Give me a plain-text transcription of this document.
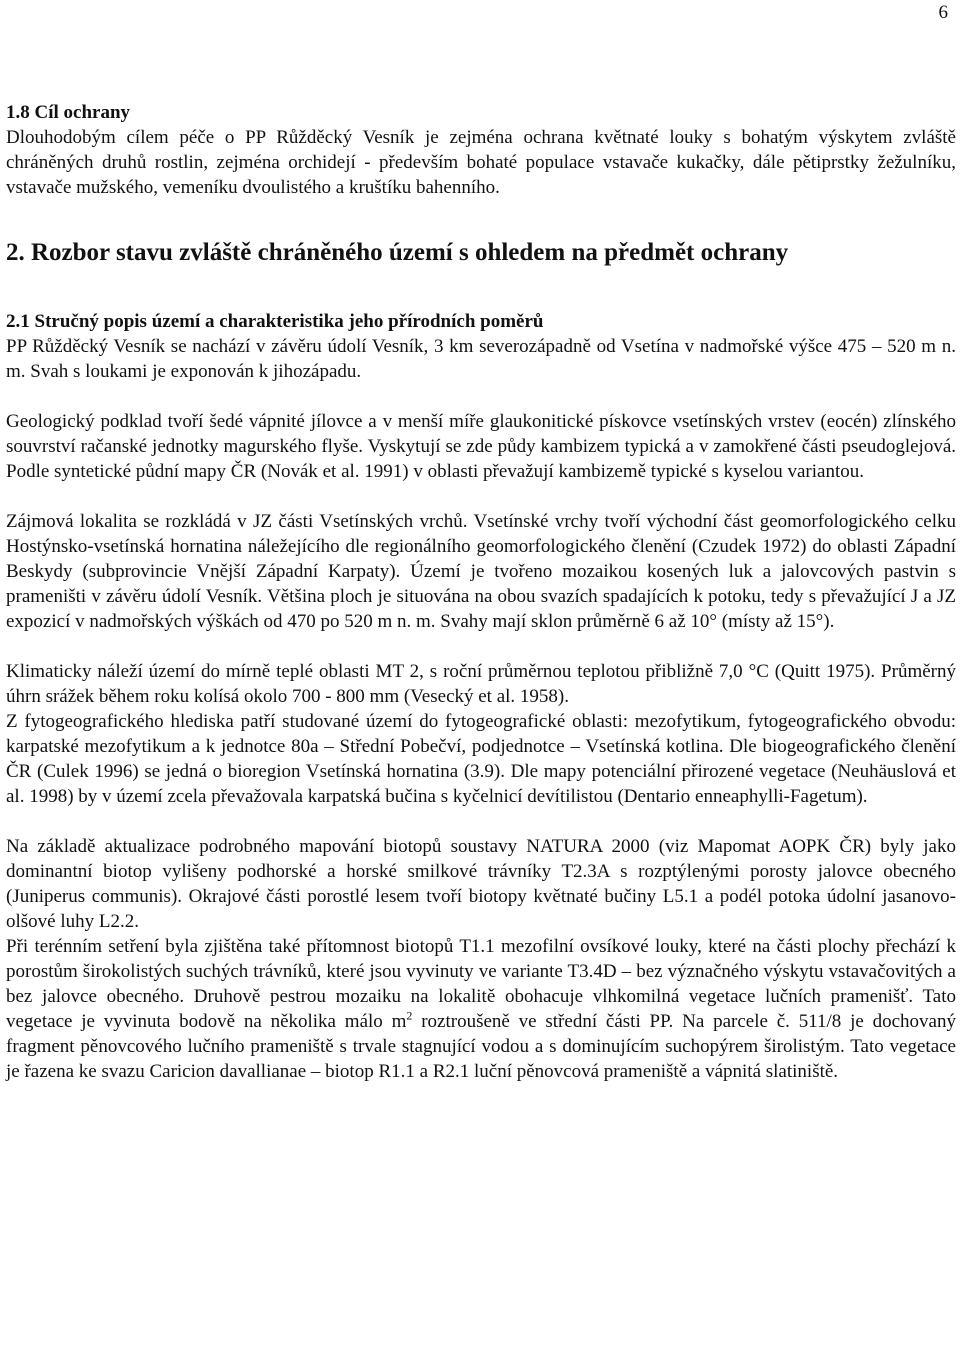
6
1.8 Cíl ochrany

Dlouhodobým cílem péče o PP Růžděcký Vesník je zejména ochrana květnaté louky s bohatým výskytem zvláště chráněných druhů rostlin, zejména orchidejí - především bohaté populace vstavače kukačky, dále pětiprstky žežulníku, vstavače mužského, vemeníku dvoulistého a kruštíku bahenního.

2. Rozbor stavu zvláště chráněného území s ohledem na předmět ochrany
2.1 Stručný popis území a charakteristika jeho přírodních poměrů

PP Růžděcký Vesník se nachází v závěru údolí Vesník, 3 km severozápadně od Vsetína v nadmořské výšce 475 – 520 m n. m. Svah s loukami je exponován k jihozápadu.

Geologický podklad tvoří šedé vápnité jílovce a v menší míře glaukonitické pískovce vsetínských vrstev (eocén) zlínského souvrství račanské jednotky magurského flyše. Vyskytují se zde půdy kambizem typická a v zamokřené části pseudoglejová. Podle syntetické půdní mapy ČR (Novák et al. 1991) v oblasti převažují kambizemě typické s kyselou variantou.

Zájmová lokalita se rozkládá v JZ části Vsetínských vrchů. Vsetínské vrchy tvoří východní část geomorfologického celku Hostýnsko-vsetínská hornatina náležejícího dle regionálního geomorfologického členění (Czudek 1972) do oblasti Západní Beskydy (subprovincie Vnější Západní Karpaty). Území je tvořeno mozaikou kosených luk a jalovcových pastvin s prameništi v závěru údolí Vesník. Většina ploch je situována na obou svazích spadajících k potoku, tedy s převažující J a JZ expozicí v nadmořských výškách od 470 po 520 m n. m. Svahy mají sklon průměrně 6 až 10° (místy až 15°).

Klimaticky náleží území do mírně teplé oblasti MT 2, s roční průměrnou teplotou přibližně 7,0 °C (Quitt 1975). Průměrný úhrn srážek během roku kolísá okolo 700 - 800 mm (Vesecký et al. 1958).

Z fytogeografického hlediska patří studované území do fytogeografické oblasti: mezofytikum, fytogeografického obvodu: karpatské mezofytikum a k jednotce 80a – Střední Pobečví, podjednotce – Vsetínská kotlina. Dle biogeografického členění ČR (Culek 1996) se jedná o bioregion Vsetínská hornatina (3.9). Dle mapy potenciální přirozené vegetace (Neuhäuslová et al. 1998) by v území zcela převažovala karpatská bučina s kyčelnicí devítilistou (Dentario enneaphylli-Fagetum).

Na základě aktualizace podrobného mapování biotopů soustavy NATURA 2000 (viz Mapomat AOPK ČR) byly jako dominantní biotop vylišeny podhorské a horské smilkové trávníky T2.3A s rozptýlenými porosty jalovce obecného (Juniperus communis). Okrajové části porostlé lesem tvoří biotopy květnaté bučiny L5.1 a podél potoka údolní jasanovo-olšové luhy L2.2.

Při terénním setření byla zjištěna také přítomnost biotopů T1.1 mezofilní ovsíkové louky, které na části plochy přechází k porostům širokolistých suchých trávníků, které jsou vyvinuty ve variante T3.4D – bez význačného výskytu vstavačovitých a bez jalovce obecného. Druhově pestrou mozaiku na lokalitě obohacuje vlhkomilná vegetace lučních pramenišť. Tato vegetace je vyvinuta bodově na několika málo $m^2$ roztroušeně ve střední části PP. Na parcele č. 511/8 je dochovaný fragment pěnovcového lučního prameniště s trvale stagnující vodou a s dominujícím suchopýrem širolistým. Tato vegetace je řazena ke svazu Caricion davallianae – biotop R1.1 a R2.1 luční pěnovcová prameniště a vápnitá slatiniště.
